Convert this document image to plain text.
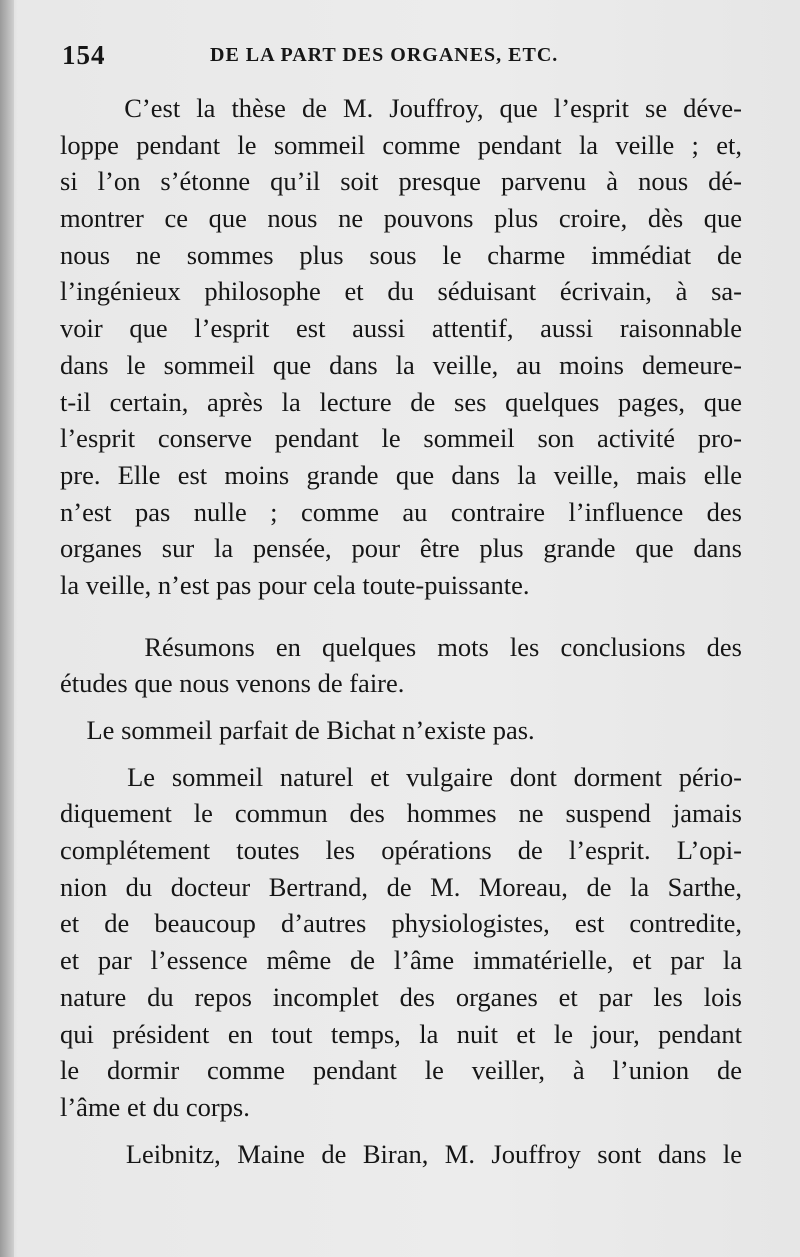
154	DE LA PART DES ORGANES, ETC.
C’est la thèse de M. Jouffroy, que l’esprit se déve-
loppe pendant le sommeil comme pendant la veille ; et,
si l’on s’étonne qu’il soit presque parvenu à nous dé-
montrer ce que nous ne pouvons plus croire, dès que
nous ne sommes plus sous le charme immédiat de
l’ingénieux philosophe et du séduisant écrivain, à sa-
voir que l’esprit est aussi attentif, aussi raisonnable
dans le sommeil que dans la veille, au moins demeure-
t-il certain, après la lecture de ses quelques pages, que
l’esprit conserve pendant le sommeil son activité pro-
pre. Elle est moins grande que dans la veille, mais elle
n’est pas nulle ; comme au contraire l’influence des
organes sur la pensée, pour être plus grande que dans
la veille, n’est pas pour cela toute-puissante.
Résumons en quelques mots les conclusions des
études que nous venons de faire.
Le sommeil parfait de Bichat n’existe pas.
Le sommeil naturel et vulgaire dont dorment pério-
diquement le commun des hommes ne suspend jamais
complétement toutes les opérations de l’esprit. L’opi-
nion du docteur Bertrand, de M. Moreau, de la Sarthe,
et de beaucoup d’autres physiologistes, est contredite,
et par l’essence même de l’âme immatérielle, et par la
nature du repos incomplet des organes et par les lois
qui président en tout temps, la nuit et le jour, pendant
le dormir comme pendant le veiller, à l’union de
l’âme et du corps.
Leibnitz, Maine de Biran, M. Jouffroy sont dans le
